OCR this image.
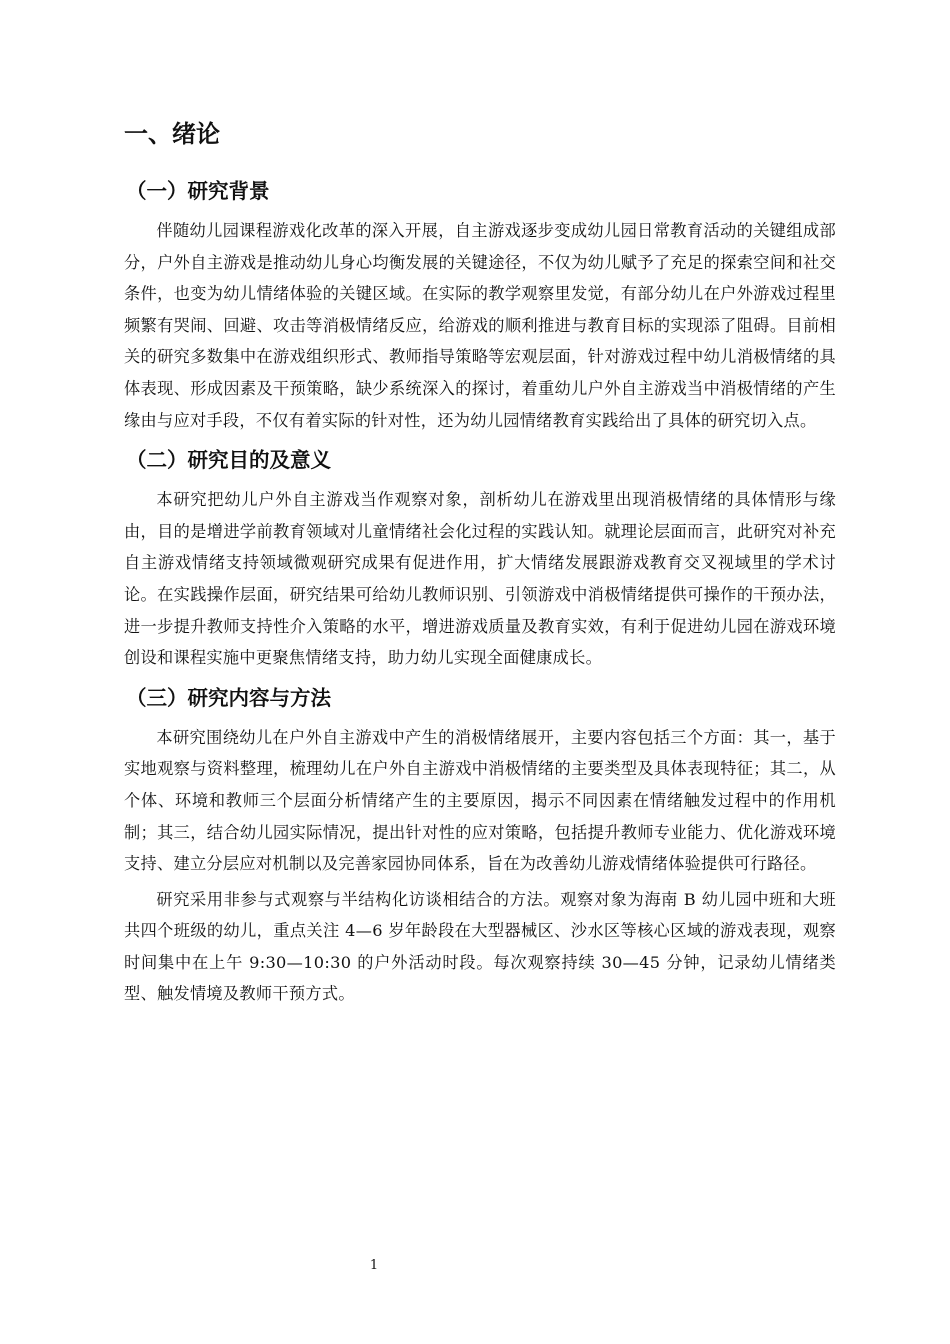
一、绪论
（一）研究背景

伴随幼儿园课程游戏化改革的深入开展，自主游戏逐步变成幼儿园日常教育活动的关键组成部分，户外自主游戏是推动幼儿身心均衡发展的关键途径，不仅为幼儿赋予了充足的探索空间和社交条件，也变为幼儿情绪体验的关键区域。在实际的教学观察里发觉，有部分幼儿在户外游戏过程里频繁有哭闹、回避、攻击等消极情绪反应，给游戏的顺利推进与教育目标的实现添了阻碍。目前相关的研究多数集中在游戏组织形式、教师指导策略等宏观层面，针对游戏过程中幼儿消极情绪的具体表现、形成因素及干预策略，缺少系统深入的探讨，着重幼儿户外自主游戏当中消极情绪的产生缘由与应对手段，不仅有着实际的针对性，还为幼儿园情绪教育实践给出了具体的研究切入点。

（二）研究目的及意义

本研究把幼儿户外自主游戏当作观察对象，剖析幼儿在游戏里出现消极情绪的具体情形与缘由，目的是增进学前教育领域对儿童情绪社会化过程的实践认知。就理论层面而言，此研究对补充自主游戏情绪支持领域微观研究成果有促进作用，扩大情绪发展跟游戏教育交叉视域里的学术讨论。在实践操作层面，研究结果可给幼儿教师识别、引领游戏中消极情绪提供可操作的干预办法，进一步提升教师支持性介入策略的水平，增进游戏质量及教育实效，有利于促进幼儿园在游戏环境创设和课程实施中更聚焦情绪支持，助力幼儿实现全面健康成长。

（三）研究内容与方法

本研究围绕幼儿在户外自主游戏中产生的消极情绪展开，主要内容包括三个方面：其一，基于实地观察与资料整理，梳理幼儿在户外自主游戏中消极情绪的主要类型及具体表现特征；其二，从个体、环境和教师三个层面分析情绪产生的主要原因，揭示不同因素在情绪触发过程中的作用机制；其三，结合幼儿园实际情况，提出针对性的应对策略，包括提升教师专业能力、优化游戏环境支持、建立分层应对机制以及完善家园协同体系，旨在为改善幼儿游戏情绪体验提供可行路径。

研究采用非参与式观察与半结构化访谈相结合的方法。观察对象为海南 B 幼儿园中班和大班共四个班级的幼儿，重点关注 4—6 岁年龄段在大型器械区、沙水区等核心区域的游戏表现，观察时间集中在上午 9:30—10:30 的户外活动时段。每次观察持续 30—45 分钟，记录幼儿情绪类型、触发情境及教师干预方式。

1
